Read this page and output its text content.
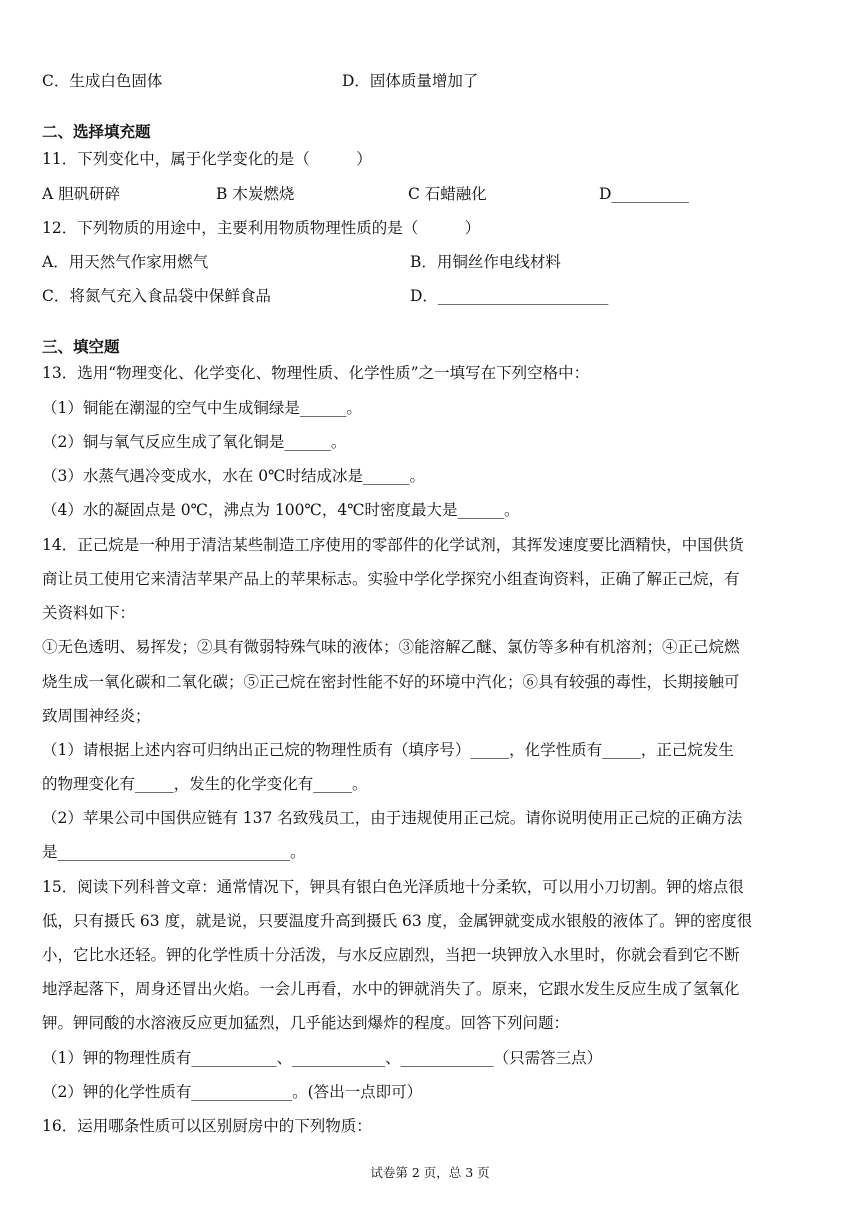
C．生成白色固体	D．固体质量增加了
二、选择填充题
11．下列变化中，属于化学变化的是（　　　）
A 胆矾研碎	B 木炭燃烧	C 石蜡融化	D__________
12．下列物质的用途中，主要利用物质物理性质的是（　　　）
A．用天然气作家用燃气	B．用铜丝作电线材料
C．将氮气充入食品袋中保鲜食品	D．______________________
三、填空题
13．选用“物理变化、化学变化、物理性质、化学性质”之一填写在下列空格中：
（1）铜能在潮湿的空气中生成铜绿是______。
（2）铜与氧气反应生成了氧化铜是______。
（3）水蒸气遇冷变成水，水在 0℃时结成冰是______。
（4）水的凝固点是 0℃，沸点为 100℃，4℃时密度最大是______。
14．正己烷是一种用于清洁某些制造工序使用的零部件的化学试剂，其挥发速度要比酒精快，中国供货
商让员工使用它来清洁苹果产品上的苹果标志。实验中学化学探究小组查询资料，正确了解正己烷，有
关资料如下：
①无色透明、易挥发；②具有微弱特殊气味的液体；③能溶解乙醚、氯仿等多种有机溶剂；④正己烷燃
烧生成一氧化碳和二氧化碳；⑤正己烷在密封性能不好的环境中汽化；⑥具有较强的毒性，长期接触可
致周围神经炎；
（1）请根据上述内容可归纳出正己烷的物理性质有（填序号）_____，化学性质有_____，正己烷发生
的物理变化有_____，发生的化学变化有_____。
（2）苹果公司中国供应链有 137 名致残员工，由于违规使用正己烷。请你说明使用正己烷的正确方法
是______________________________。
15．阅读下列科普文章：通常情况下，钾具有银白色光泽质地十分柔软，可以用小刀切割。钾的熔点很
低，只有摄氏 63 度，就是说，只要温度升高到摄氏 63 度，金属钾就变成水银般的液体了。钾的密度很
小，它比水还轻。钾的化学性质十分活泼，与水反应剧烈，当把一块钾放入水里时，你就会看到它不断
地浮起落下，周身还冒出火焰。一会儿再看，水中的钾就消失了。原来，它跟水发生反应生成了氢氧化
钾。钾同酸的水溶液反应更加猛烈，几乎能达到爆炸的程度。回答下列问题：
（1）钾的物理性质有___________、____________、____________（只需答三点）
（2）钾的化学性质有_____________。(答出一点即可）
16．运用哪条性质可以区别厨房中的下列物质：
试卷第 2 页，总 3 页
